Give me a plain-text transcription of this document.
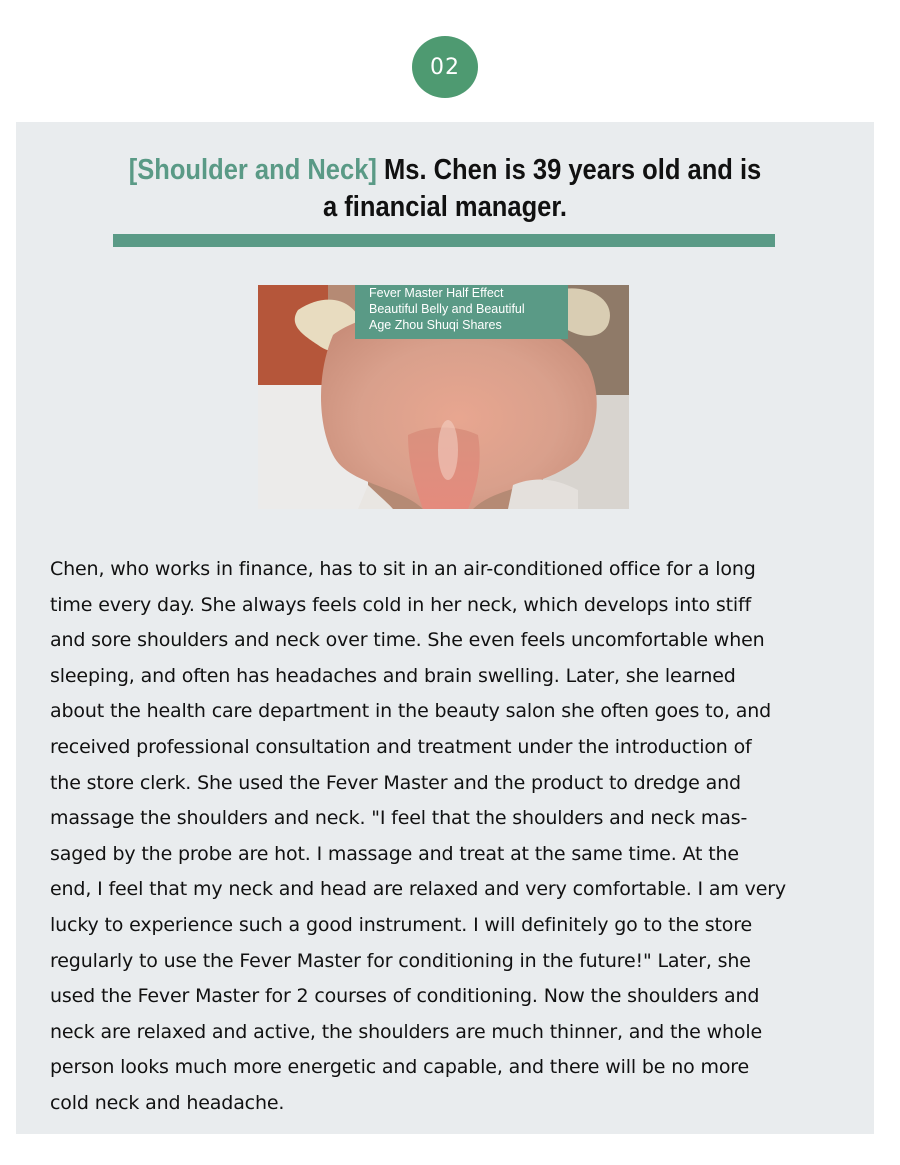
02
[Shoulder and Neck] Ms. Chen is 39 years old and is
a financial manager.
Fever Master Half Effect
Beautiful Belly and Beautiful
Age Zhou Shuqi Shares
Chen, who works in finance, has to sit in an air-conditioned office for a long
time every day. She always feels cold in her neck, which develops into stiff
and sore shoulders and neck over time. She even feels uncomfortable when
sleeping, and often has headaches and brain swelling. Later, she learned
about the health care department in the beauty salon she often goes to, and
received professional consultation and treatment under the introduction of
the store clerk. She used the Fever Master and the product to dredge and
massage the shoulders and neck. "I feel that the shoulders and neck mas-
saged by the probe are hot. I massage and treat at the same time. At the
end, I feel that my neck and head are relaxed and very comfortable. I am very
lucky to experience such a good instrument. I will definitely go to the store
regularly to use the Fever Master for conditioning in the future!" Later, she
used the Fever Master for 2 courses of conditioning. Now the shoulders and
neck are relaxed and active, the shoulders are much thinner, and the whole
person looks much more energetic and capable, and there will be no more
cold neck and headache.
